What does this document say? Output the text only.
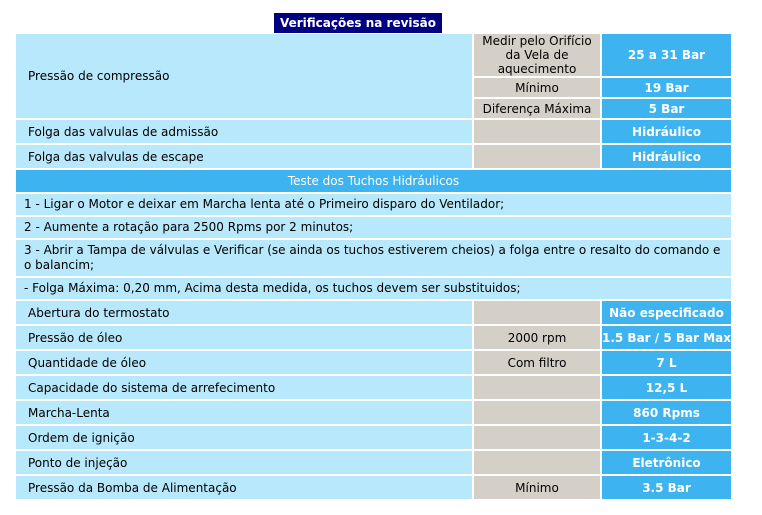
Verificações na revisão
Pressão de compressão	Medir pelo Orifício da Vela de aquecimento	25 a 31 Bar
	Mínimo	19 Bar
	Diferença Máxima	5 Bar
Folga das valvulas de admissão		Hidráulico
Folga das valvulas de escape		Hidráulico
Teste dos Tuchos Hidráulicos		
1 - Ligar o Motor e deixar em Marcha lenta até o Primeiro disparo do Ventilador;		
2 - Aumente a rotação para 2500 Rpms por 2 minutos;		
3 - Abrir a Tampa de válvulas e Verificar (se ainda os tuchos estiverem cheios) a folga entre o resalto do comando e o balancim;		
- Folga Máxima: 0,20 mm, Acima desta medida, os tuchos devem ser substituidos;		
Abertura do termostato		Não especificado
Pressão de óleo	2000 rpm	1.5 Bar / 5 Bar Max
Quantidade de óleo	Com filtro	7 L
Capacidade do sistema de arrefecimento		12,5 L
Marcha-Lenta		860 Rpms
Ordem de ignição		1-3-4-2
Ponto de injeção		Eletrônico
Pressão da Bomba de Alimentação	Mínimo	3.5 Bar
